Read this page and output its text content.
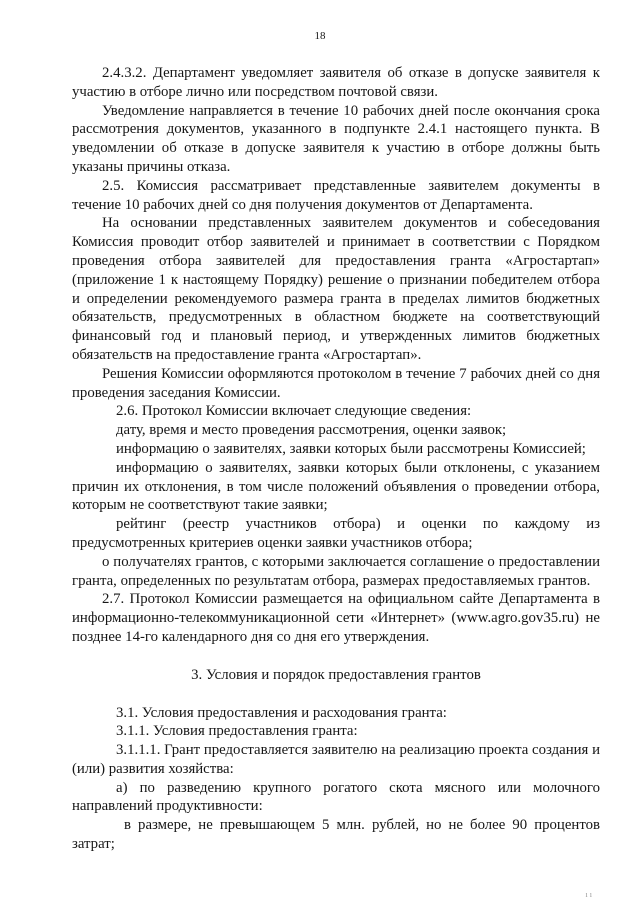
18

2.4.3.2. Департамент уведомляет заявителя об отказе в допуске заявителя к участию в отборе лично или посредством почтовой связи.

Уведомление направляется в течение 10 рабочих дней после окончания срока рассмотрения документов, указанного в подпункте 2.4.1 настоящего пункта. В уведомлении об отказе в допуске заявителя к участию в отборе должны быть указаны причины отказа.

2.5. Комиссия рассматривает представленные заявителем документы в течение 10 рабочих дней со дня получения документов от Департамента.

На основании представленных заявителем документов и собеседования Комиссия проводит отбор заявителей и принимает в соответствии с Порядком проведения отбора заявителей для предоставления гранта «Агростартап» (приложение 1 к настоящему Порядку) решение о признании победителем отбора и определении рекомендуемого размера гранта в пределах лимитов бюджетных обязательств, предусмотренных в областном бюджете на соответствующий финансовый год и плановый период, и утвержденных лимитов бюджетных обязательств на предоставление гранта «Агростартап».

Решения Комиссии оформляются протоколом в течение 7 рабочих дней со дня проведения заседания Комиссии.

2.6. Протокол Комиссии включает следующие сведения:

дату, время и место проведения рассмотрения, оценки заявок;

информацию о заявителях, заявки которых были рассмотрены Комиссией;

информацию о заявителях, заявки которых были отклонены, с указанием причин их отклонения, в том числе положений объявления о проведении отбора, которым не соответствуют такие заявки;

рейтинг (реестр участников отбора) и оценки по каждому из предусмотренных критериев оценки заявки участников отбора;

о получателях грантов, с которыми заключается соглашение о предоставлении гранта, определенных по результатам отбора, размерах предоставляемых грантов.

2.7. Протокол Комиссии размещается на официальном сайте Департамента в информационно-телекоммуникационной сети «Интернет» (www.agro.gov35.ru) не позднее 14-го календарного дня со дня его утверждения.

3. Условия и порядок предоставления грантов

3.1. Условия предоставления и расходования гранта:

3.1.1. Условия предоставления гранта:

3.1.1.1. Грант предоставляется заявителю на реализацию проекта создания и (или) развития хозяйства:

а) по разведению крупного рогатого скота мясного или молочного направлений продуктивности:

в размере, не превышающем 5 млн. рублей, но не более 90 процентов затрат;

ı ı
